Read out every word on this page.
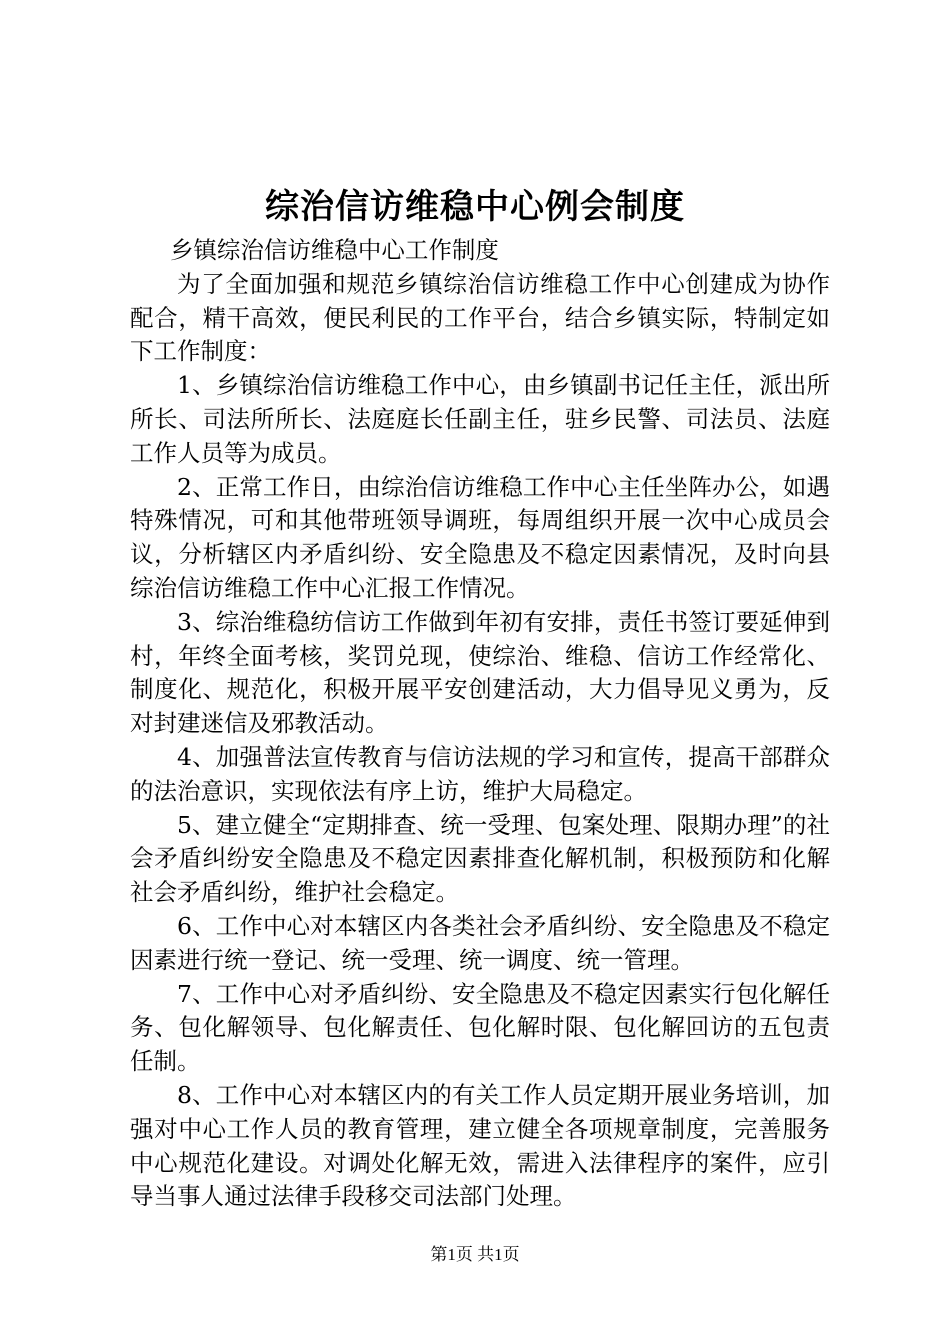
综治信访维稳中心例会制度

乡镇综治信访维稳中心工作制度

为了全面加强和规范乡镇综治信访维稳工作中心创建成为协作配合，精干高效，便民利民的工作平台，结合乡镇实际，特制定如下工作制度：

1、乡镇综治信访维稳工作中心，由乡镇副书记任主任，派出所所长、司法所所长、法庭庭长任副主任，驻乡民警、司法员、法庭工作人员等为成员。

2、正常工作日，由综治信访维稳工作中心主任坐阵办公，如遇特殊情况，可和其他带班领导调班，每周组织开展一次中心成员会议，分析辖区内矛盾纠纷、安全隐患及不稳定因素情况，及时向县综治信访维稳工作中心汇报工作情况。

3、综治维稳纺信访工作做到年初有安排，责任书签订要延伸到村，年终全面考核，奖罚兑现，使综治、维稳、信访工作经常化、制度化、规范化，积极开展平安创建活动，大力倡导见义勇为，反对封建迷信及邪教活动。

4、加强普法宣传教育与信访法规的学习和宣传，提高干部群众的法治意识，实现依法有序上访，维护大局稳定。

5、建立健全“定期排查、统一受理、包案处理、限期办理”的社会矛盾纠纷安全隐患及不稳定因素排查化解机制，积极预防和化解社会矛盾纠纷，维护社会稳定。

6、工作中心对本辖区内各类社会矛盾纠纷、安全隐患及不稳定因素进行统一登记、统一受理、统一调度、统一管理。

7、工作中心对矛盾纠纷、安全隐患及不稳定因素实行包化解任务、包化解领导、包化解责任、包化解时限、包化解回访的五包责任制。

8、工作中心对本辖区内的有关工作人员定期开展业务培训，加强对中心工作人员的教育管理，建立健全各项规章制度，完善服务中心规范化建设。对调处化解无效，需进入法律程序的案件，应引导当事人通过法律手段移交司法部门处理。

第1页 共1页
